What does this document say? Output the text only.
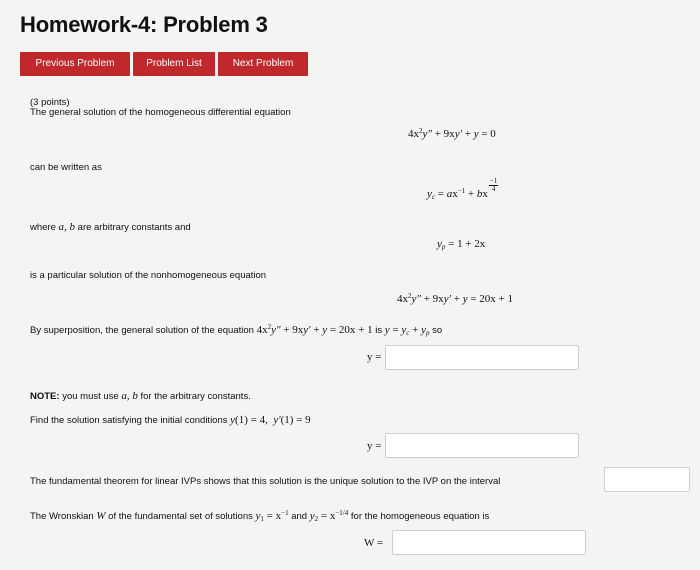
Homework-4: Problem 3
Previous Problem	Problem List	Next Problem
(3 points)
The general solution of the homogeneous differential equation
$4x^2y'' + 9xy' + y = 0$
can be written as
$y_c = ax^{-1}$ + bx
$\frac{-1}{4}$
where a, b are arbitrary constants and
$y_p = 1 + 2x$
is a particular solution of the nonhomogeneous equation
$4x^2y'' + 9xy' + y = 20x + 1$
By superposition, the general solution of the equation $4x^2y'' + 9xy' + y = 20x + 1$ is $y = y_c + y_p$ so
y =
NOTE: you must use a, b for the arbitrary constants.
Find the solution satisfying the initial conditions y(1) = 4,  y′(1) = 9
y =
The fundamental theorem for linear IVPs shows that this solution is the unique solution to the IVP on the interval
The Wronskian W of the fundamental set of solutions $y_1 = x^{-1}$ and $y_2 = x^{-1/4}$ for the homogeneous equation is
W =
